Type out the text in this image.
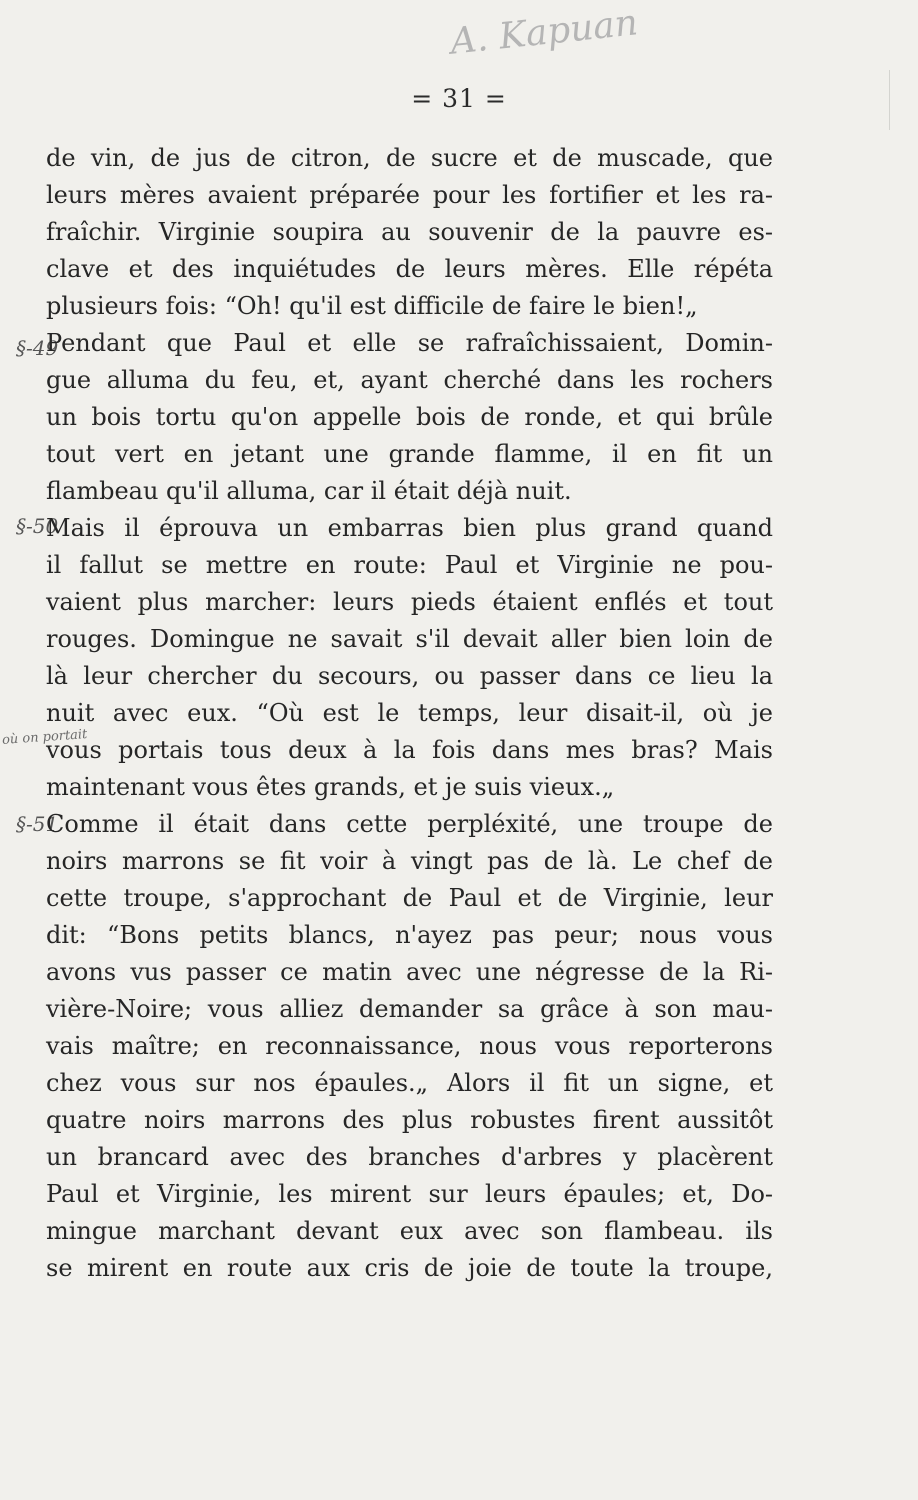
A. Kapuan
= 31 =
§-49
§-50
§-51
où on portait
de vin, de jus de citron, de sucre et de muscade, que
leurs mères avaient préparée pour les fortifier et les ra-
fraîchir. Virginie soupira au souvenir de la pauvre es-
clave et des inquiétudes de leurs mères. Elle répéta
plusieurs fois: “Oh! qu'il est difficile de faire le bien!„
Pendant que Paul et elle se rafraîchissaient, Domin-
gue alluma du feu, et, ayant cherché dans les rochers
un bois tortu qu'on appelle bois de ronde, et qui brûle
tout vert en jetant une grande flamme, il en fit un
flambeau qu'il alluma, car il était déjà nuit.
Mais il éprouva un embarras bien plus grand quand
il fallut se mettre en route: Paul et Virginie ne pou-
vaient plus marcher: leurs pieds étaient enflés et tout
rouges. Domingue ne savait s'il devait aller bien loin de
là leur chercher du secours, ou passer dans ce lieu la
nuit avec eux. “Où est le temps, leur disait-il, où je
vous portais tous deux à la fois dans mes bras? Mais
maintenant vous êtes grands, et je suis vieux.„
Comme il était dans cette perpléxité, une troupe de
noirs marrons se fit voir à vingt pas de là. Le chef de
cette troupe, s'approchant de Paul et de Virginie, leur
dit: “Bons petits blancs, n'ayez pas peur; nous vous
avons vus passer ce matin avec une négresse de la Ri-
vière-Noire; vous alliez demander sa grâce à son mau-
vais maître; en reconnaissance, nous vous reporterons
chez vous sur nos épaules.„ Alors il fit un signe, et
quatre noirs marrons des plus robustes firent aussitôt
un brancard avec des branches d'arbres y placèrent
Paul et Virginie, les mirent sur leurs épaules; et, Do-
mingue marchant devant eux avec son flambeau. ils
se mirent en route aux cris de joie de toute la troupe,
